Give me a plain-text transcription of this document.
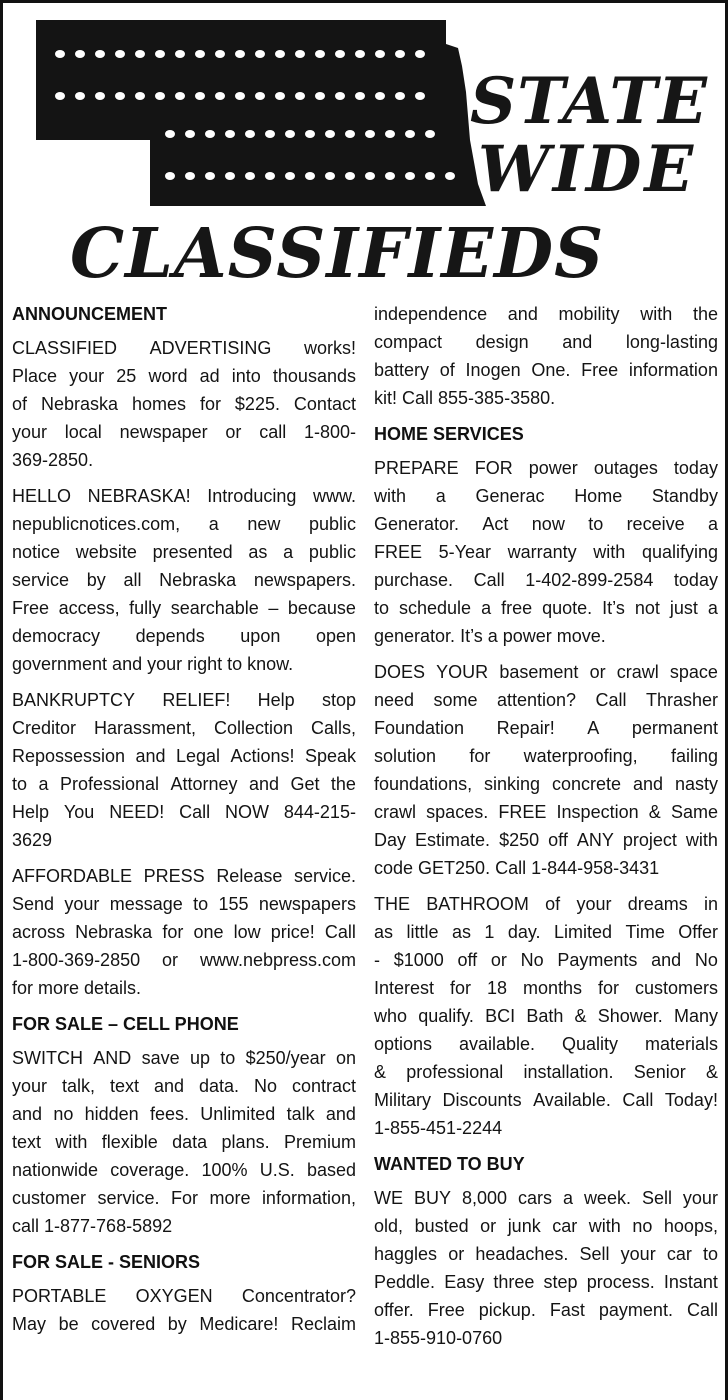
STATE
WIDE
CLASSIFIEDS
ANNOUNCEMENT
CLASSIFIED ADVERTISING works!
Place your 25 word ad into thousands
of Nebraska homes for $225. Contact
your local newspaper or call 1-800-
369-2850.
HELLO NEBRASKA! Introducing www.
nepublicnotices.com, a new public
notice website presented as a public
service by all Nebraska newspapers.
Free access, fully searchable – because
democracy depends upon open
government and your right to know.
BANKRUPTCY RELIEF! Help stop
Creditor Harassment, Collection Calls,
Repossession and Legal Actions! Speak
to a Professional Attorney and Get the
Help You NEED! Call NOW 844-215-
3629
AFFORDABLE PRESS Release service.
Send your message to 155 newspapers
across Nebraska for one low price! Call
1-800-369-2850 or www.nebpress.com
for more details.
FOR SALE – CELL PHONE
SWITCH AND save up to $250/year on
your talk, text and data. No contract
and no hidden fees. Unlimited talk and
text with flexible data plans. Premium
nationwide coverage. 100% U.S. based
customer service. For more information,
call 1-877-768-5892
FOR SALE - SENIORS
PORTABLE OXYGEN Concentrator?
May be covered by Medicare! Reclaim
independence and mobility with the
compact design and long-lasting
battery of Inogen One. Free information
kit! Call 855-385-3580.
HOME SERVICES
PREPARE FOR power outages today
with a Generac Home Standby
Generator. Act now to receive a
FREE 5-Year warranty with qualifying
purchase. Call 1-402-899-2584 today
to schedule a free quote. It’s not just a
generator. It’s a power move.
DOES YOUR basement or crawl space
need some attention? Call Thrasher
Foundation Repair! A permanent
solution for waterproofing, failing
foundations, sinking concrete and nasty
crawl spaces. FREE Inspection & Same
Day Estimate. $250 off ANY project with
code GET250. Call 1-844-958-3431
THE BATHROOM of your dreams in
as little as 1 day. Limited Time Offer
- $1000 off or No Payments and No
Interest for 18 months for customers
who qualify. BCI Bath & Shower. Many
options available. Quality materials
& professional installation. Senior &
Military Discounts Available. Call Today!
1-855-451-2244
WANTED TO BUY
WE BUY 8,000 cars a week. Sell your
old, busted or junk car with no hoops,
haggles or headaches. Sell your car to
Peddle. Easy three step process. Instant
offer. Free pickup. Fast payment. Call
1-855-910-0760
